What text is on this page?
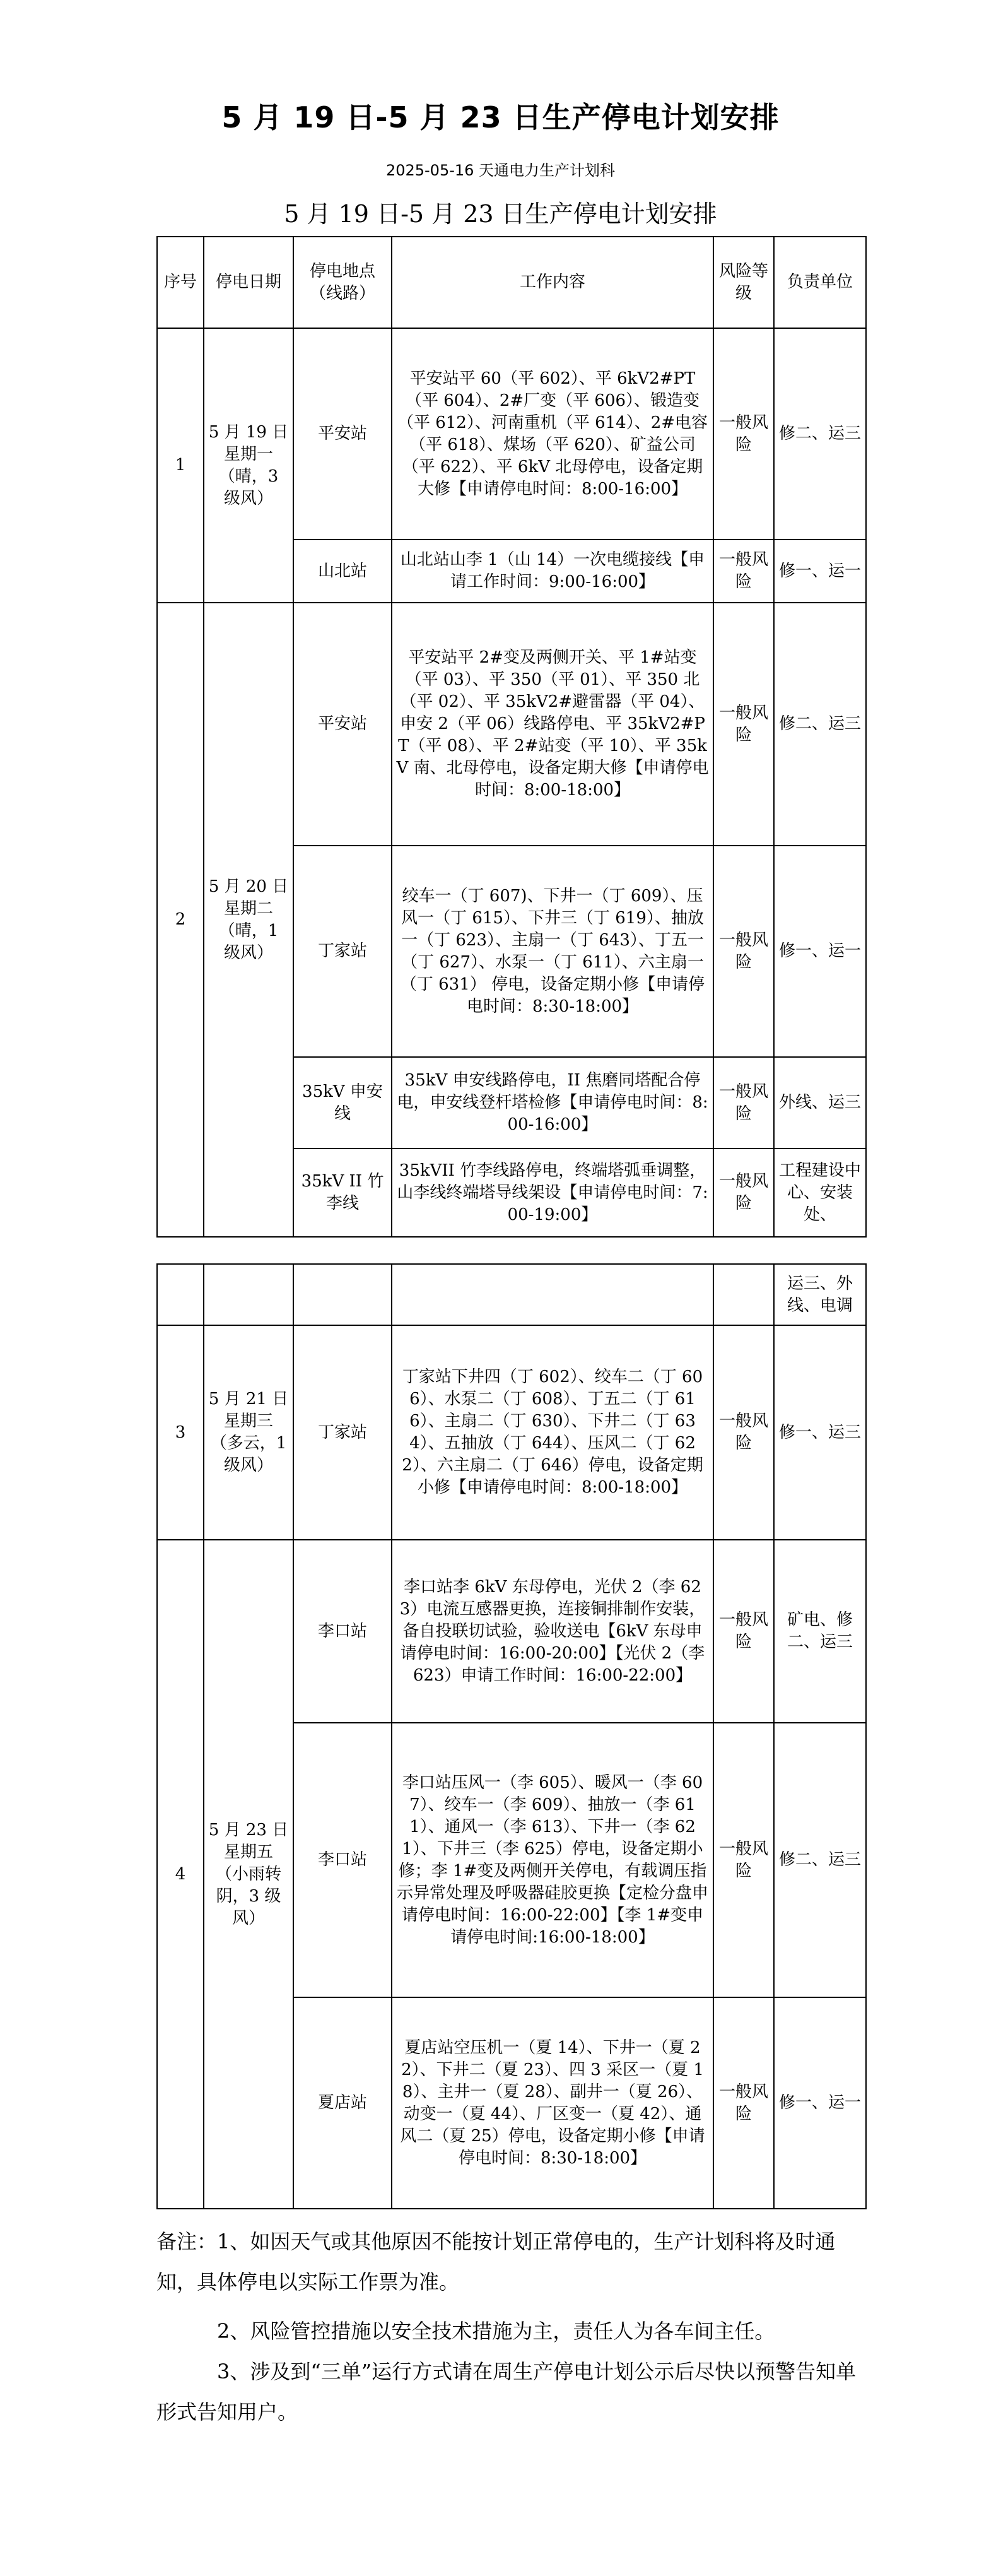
5 月 19 日-5 月 23 日生产停电计划安排
2025-05-16 天通电力生产计划科
5 月 19 日-5 月 23 日生产停电计划安排
序号	停电日期	停电地点（线路）	工作内容	风险等级	负责单位
1	5 月 19 日 星期一（晴，3 级风）	平安站	平安站平 60（平 602）、平 6kV2#PT（平 604）、2#厂变（平 606）、锻造变（平 612）、河南重机（平 614）、2#电容（平 618）、煤场（平 620）、矿益公司（平 622）、平 6kV 北母停电，设备定期大修【申请停电时间：8:00-16:00】	一般风险	修二、运三
		山北站	山北站山李 1（山 14）一次电缆接线【申请工作时间：9:00-16:00】	一般风险	修一、运一
2	5 月 20 日 星期二（晴，1 级风）	平安站	平安站平 2#变及两侧开关、平 1#站变（平 03）、平 350（平 01）、平 350 北（平 02）、平 35kV2#避雷器（平 04）、申安 2（平 06）线路停电、平 35kV2#PT（平 08）、平 2#站变（平 10）、平 35kV 南、北母停电，设备定期大修【申请停电时间：8:00-18:00】	一般风险	修二、运三
		丁家站	绞车一（丁 607)、下井一（丁 609）、压风一（丁 615）、下井三（丁 619）、抽放一（丁 623）、主扇一（丁 643）、丁五一（丁 627）、水泵一（丁 611）、六主扇一（丁 631） 停电，设备定期小修【申请停电时间：8:30-18:00】	一般风险	修一、运一
		35kV 申安线	35kV 申安线路停电，II 焦磨同塔配合停电，申安线登杆塔检修【申请停电时间：8:00-16:00】	一般风险	外线、运三
		35kV II 竹李线	35kVII 竹李线路停电，终端塔弧垂调整，山李线终端塔导线架设【申请停电时间：7:00-19:00】	一般风险	工程建设中心、安装处、
					运三、外线、电调
3	5 月 21 日 星期三（多云，1 级风）	丁家站	丁家站下井四（丁 602）、绞车二（丁 606）、水泵二（丁 608）、丁五二（丁 616）、主扇二（丁 630）、下井二（丁 634）、五抽放（丁 644）、压风二（丁 622）、六主扇二（丁 646）停电，设备定期小修【申请停电时间：8:00-18:00】	一般风险	修一、运三
4	5 月 23 日 星期五（小雨转阴，3 级风）	李口站	李口站李 6kV 东母停电，光伏 2（李 623）电流互感器更换，连接铜排制作安装，备自投联切试验，验收送电【6kV 东母申请停电时间：16:00-20:00】【光伏 2（李 623）申请工作时间：16:00-22:00】	一般风险	矿电、修二、运三
		李口站	李口站压风一（李 605）、暖风一（李 607）、绞车一（李 609）、抽放一（李 611）、通风一（李 613）、下井一（李 621）、下井三（李 625）停电，设备定期小修；李 1#变及两侧开关停电，有载调压指示异常处理及呼吸器硅胶更换【定检分盘申请停电时间：16:00-22:00】【李 1#变申请停电时间:16:00-18:00】	一般风险	修二、运三
		夏店站	夏店站空压机一（夏 14）、下井一（夏 22）、下井二（夏 23）、四 3 采区一（夏 18）、主井一（夏 28）、副井一（夏 26）、动变一（夏 44）、厂区变一（夏 42）、通风二（夏 25）停电，设备定期小修【申请停电时间：8:30-18:00】	一般风险	修一、运一

备注：1、如因天气或其他原因不能按计划正常停电的，生产计划科将及时通知，具体停电以实际工作票为准。

2、风险管控措施以安全技术措施为主，责任人为各车间主任。

3、涉及到“三单”运行方式请在周生产停电计划公示后尽快以预警告知单形式告知用户。
